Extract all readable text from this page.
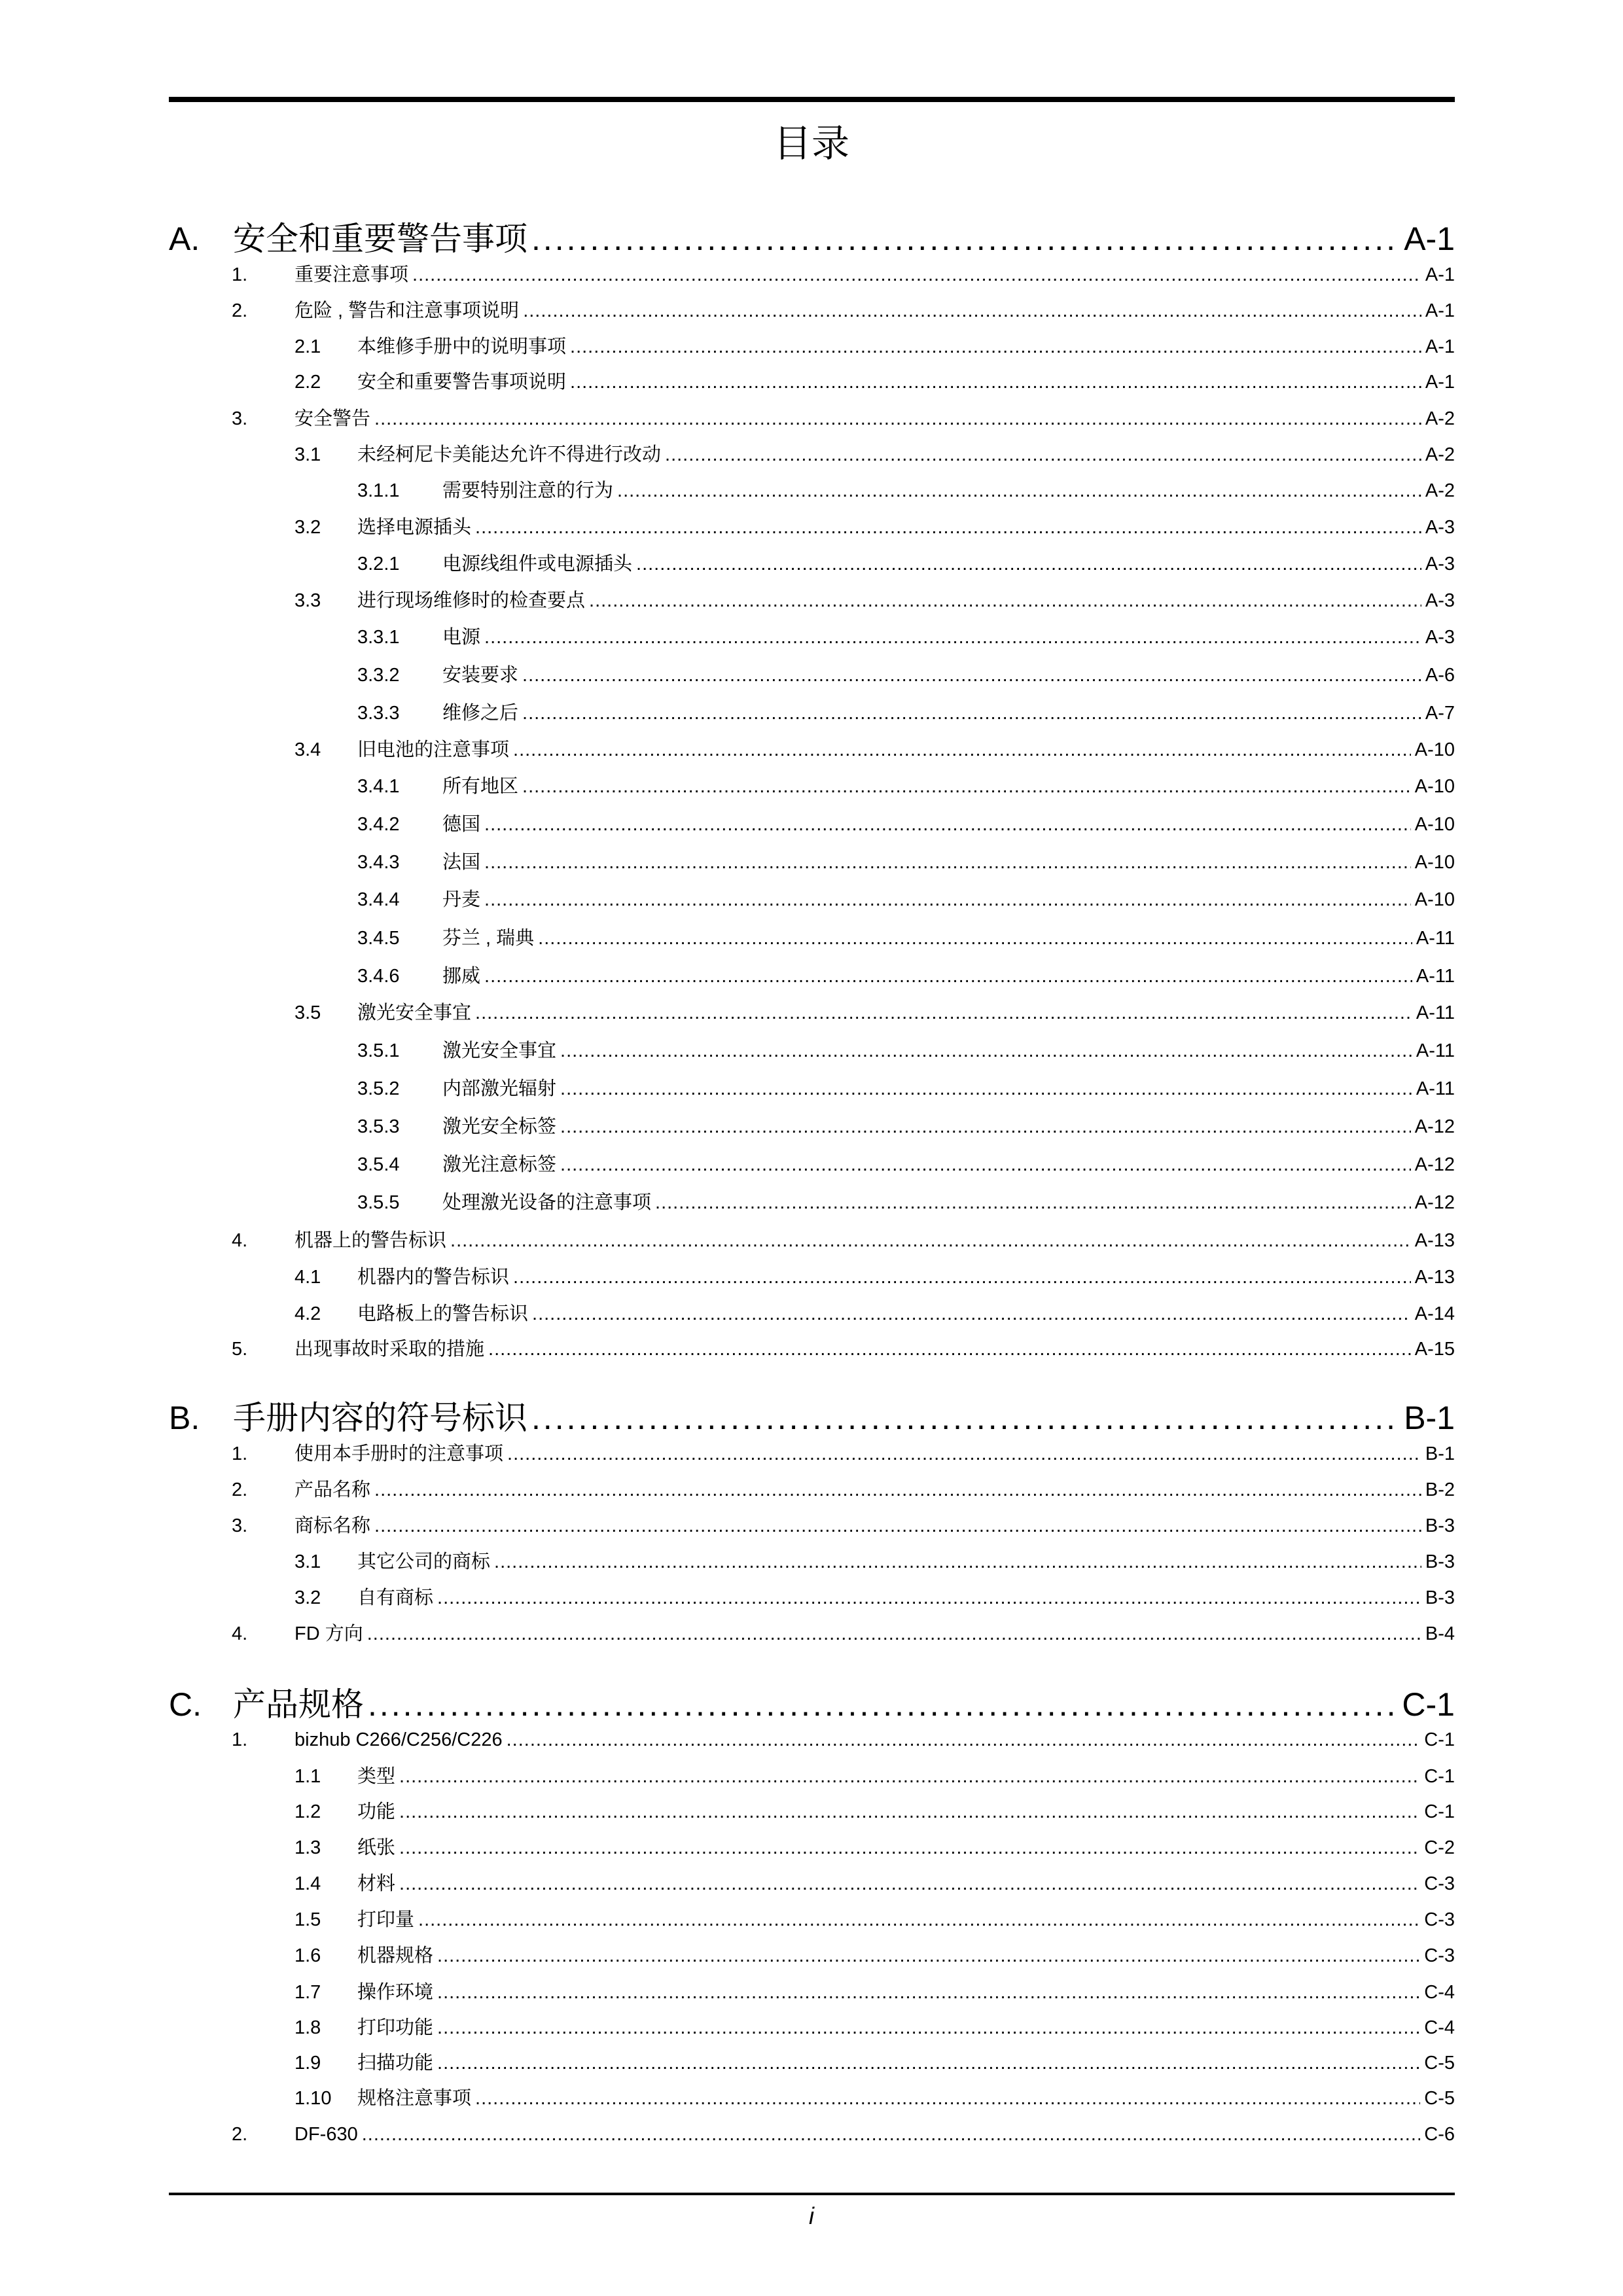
目录
A.	安全和重要警告事项 .....	A-1
1.	重要注意事项 .....	A-1
2.	危险 , 警告和注意事项说明 .....	A-1
2.1	本维修手册中的说明事项 .....	A-1
2.2	安全和重要警告事项说明 .....	A-1
3.	安全警告 .....	A-2
3.1	未经柯尼卡美能达允许不得进行改动 .....	A-2
3.1.1	需要特别注意的行为 .....	A-2
3.2	选择电源插头 .....	A-3
3.2.1	电源线组件或电源插头 .....	A-3
3.3	进行现场维修时的检查要点 .....	A-3
3.3.1	电源 .....	A-3
3.3.2	安装要求 .....	A-6
3.3.3	维修之后 .....	A-7
3.4	旧电池的注意事项 .....	A-10
3.4.1	所有地区 .....	A-10
3.4.2	德国 .....	A-10
3.4.3	法国 .....	A-10
3.4.4	丹麦 .....	A-10
3.4.5	芬兰 , 瑞典 .....	A-11
3.4.6	挪威 .....	A-11
3.5	激光安全事宜 .....	A-11
3.5.1	激光安全事宜 .....	A-11
3.5.2	内部激光辐射 .....	A-11
3.5.3	激光安全标签 .....	A-12
3.5.4	激光注意标签 .....	A-12
3.5.5	处理激光设备的注意事项 .....	A-12
4.	机器上的警告标识 .....	A-13
4.1	机器内的警告标识 .....	A-13
4.2	电路板上的警告标识 .....	A-14
5.	出现事故时采取的措施 .....	A-15
B.	手册内容的符号标识 .....	B-1
1.	使用本手册时的注意事项 .....	B-1
2.	产品名称 .....	B-2
3.	商标名称 .....	B-3
3.1	其它公司的商标 .....	B-3
3.2	自有商标 .....	B-3
4.	FD 方向 .....	B-4
C. 产品规格 .....	C-1
1.	bizhub C266/C256/C226 .....	C-1
1.1	类型 .....	C-1
1.2	功能 .....	C-1
1.3	纸张 .....	C-2
1.4	材料 .....	C-3
1.5	打印量 .....	C-3
1.6	机器规格 .....	C-3
1.7	操作环境 .....	C-4
1.8	打印功能 .....	C-4
1.9	扫描功能 .....	C-5
1.10	规格注意事项 .....	C-5
2.	DF-630 .....	C-6
i
